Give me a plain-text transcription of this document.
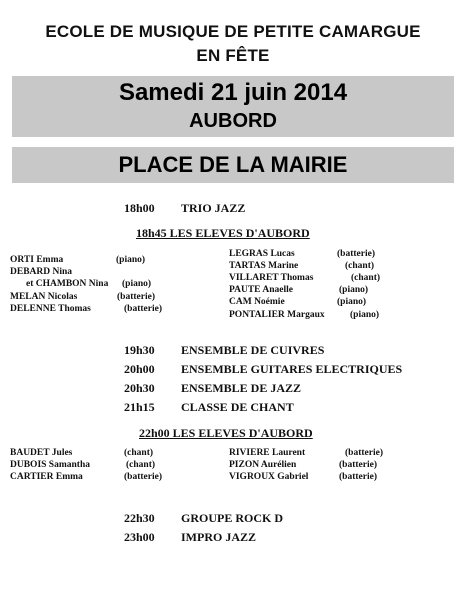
ECOLE DE MUSIQUE DE PETITE CAMARGUE
EN FÊTE
Samedi 21 juin 2014
AUBORD
PLACE DE LA MAIRIE
18h00 TRIO JAZZ
18h45 LES ELEVES D'AUBORD
ORTI Emma	(piano)
DEBARD Nina
et CHAMBON Nina (piano)
MELAN Nicolas	(batterie)
DELENNE Thomas	(batterie)
LEGRAS Lucas	(batterie)
TARTAS Marine	(chant)
VILLARET Thomas	(chant)
PAUTE Anaelle	(piano)
CAM Noémie	(piano)
PONTALIER Margaux	(piano)
19h30 ENSEMBLE DE CUIVRES
20h00 ENSEMBLE GUITARES ELECTRIQUES
20h30 ENSEMBLE DE JAZZ
21h15 CLASSE DE CHANT
22h00 LES ELEVES D'AUBORD
BAUDET Jules	(chant)
DUBOIS Samantha	(chant)
CARTIER Emma	(batterie)
RIVIERE Laurent	(batterie)
PIZON Aurélien	(batterie)
VIGROUX Gabriel	(batterie)
22h30 GROUPE ROCK D
23h00 IMPRO JAZZ
